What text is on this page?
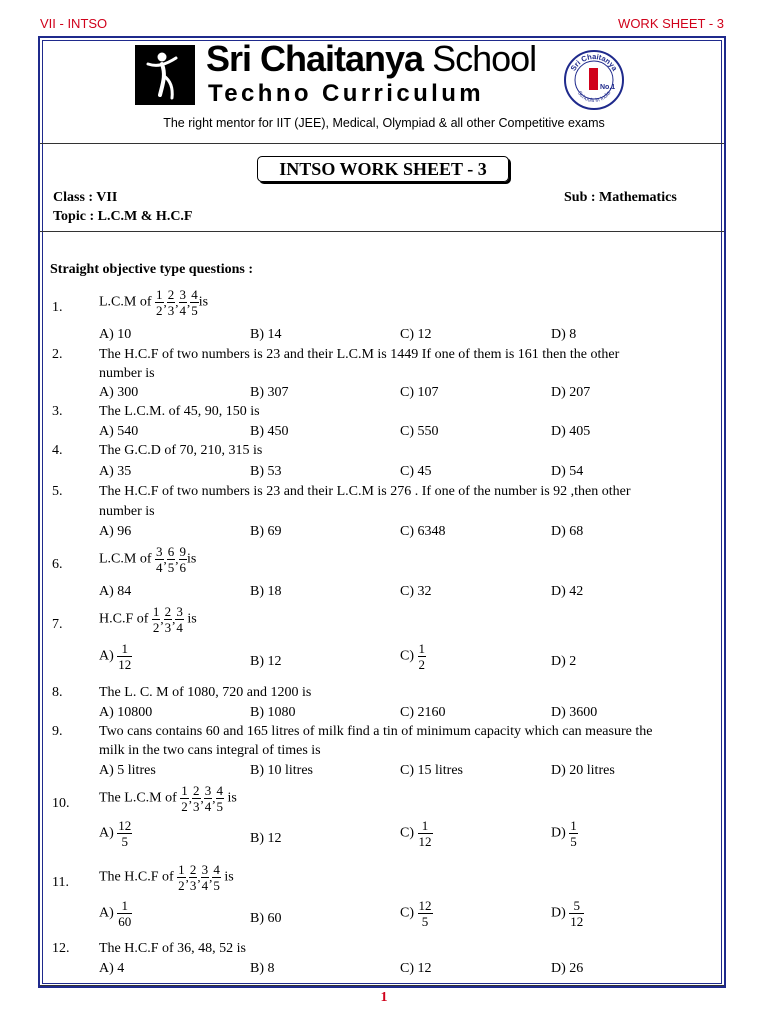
VII - INTSO	WORK SHEET - 3
Sri Chaitanya School
Techno Curriculum
Sri Chaitanya
Schools in India
No.1
The right mentor for IIT (JEE), Medical, Olympiad & all other Competitive exams
INTSO WORK SHEET - 3
Class : VII	Sub : Mathematics
Topic : L.C.M & H.C.F
Straight objective type questions :
1.	L.C.M of $\frac{1}{2}$ , $\frac{2}{3}$ , $\frac{3}{4}$ , $\frac{4}{5}$ is
A) 10	B) 14	C) 12	D) 8
2.	The H.C.F of two numbers is 23 and their L.C.M is 1449 If one of them is 161 then the other
number is
A) 300	B) 307	C) 107	D) 207
3.	The L.C.M. of 45, 90, 150 is
A) 540	B) 450	C) 550	D) 405
4.	The G.C.D of 70, 210, 315 is
A) 35	B) 53	C) 45	D) 54
5.	The H.C.F of two numbers is 23 and their L.C.M is 276 . If one of the number is 92 ,then other
number is
A) 96	B) 69	C) 6348	D) 68
6.	L.C.M of $\frac{3}{4}$ , $\frac{6}{5}$ , $\frac{9}{6}$ is
A) 84	B) 18	C) 32	D) 42
7.	H.C.F of $\frac{1}{2}$ , $\frac{2}{3}$ , $\frac{3}{4}$ is
$A) \frac{1}{12}$	B) 12	$C) \frac{1}{2}$	D) 2
8.	The L. C. M of 1080, 720 and 1200 is
A) 10800	B) 1080	C) 2160	D) 3600
9.	Two cans contains 60 and 165 litres of milk find a tin of minimum capacity which can measure the
milk in the two cans integral of times is
A) 5 litres	B) 10 litres	C) 15 litres	D) 20 litres
10. The L.C.M of $\frac{1}{2}$ , $\frac{2}{3}$ , $\frac{3}{4}$ , $\frac{4}{5}$ is
$A) \frac{12}{5}$	B) 12	$C) \frac{1}{12}$	$D) \frac{1}{5}$
11. The H.C.F of $\frac{1}{2}$ , $\frac{2}{3}$ , $\frac{3}{4}$ , $\frac{4}{5}$ is
$A) \frac{1}{60}$	B) 60	$C) \frac{12}{5}$	$D) \frac{5}{12}$
12. The H.C.F of 36, 48, 52 is
A) 4	B) 8	C) 12	D) 26
1
